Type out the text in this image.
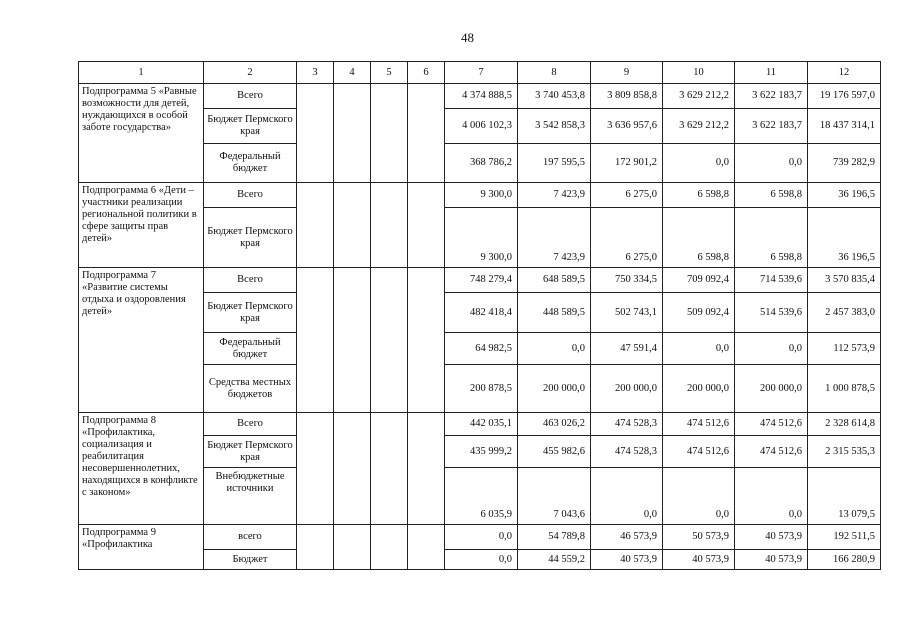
48
1	2	3	4	5	6	7	8	9	10	11	12
Подпрограмма 5 «Равные возможности для детей, нуждающихся в особой заботе государства»	Всего					4 374 888,5	3 740 453,8	3 809 858,8	3 629 212,2	3 622 183,7	19 176 597,0
	Бюджет Пермского края					4 006 102,3	3 542 858,3	3 636 957,6	3 629 212,2	3 622 183,7	18 437 314,1
	Федеральный бюджет					368 786,2	197 595,5	172 901,2	0,0	0,0	739 282,9
Подпрограмма 6 «Дети – участники реализации региональной политики в сфере защиты прав детей»	Всего					9 300,0	7 423,9	6 275,0	6 598,8	6 598,8	36 196,5
	Бюджет Пермского края					9 300,0	7 423,9	6 275,0	6 598,8	6 598,8	36 196,5
Подпрограмма 7 «Развитие системы отдыха и оздоровления детей»	Всего					748 279,4	648 589,5	750 334,5	709 092,4	714 539,6	3 570 835,4
	Бюджет Пермского края					482 418,4	448 589,5	502 743,1	509 092,4	514 539,6	2 457 383,0
	Федеральный бюджет					64 982,5	0,0	47 591,4	0,0	0,0	112 573,9
	Средства местных бюджетов					200 878,5	200 000,0	200 000,0	200 000,0	200 000,0	1 000 878,5
Подпрограмма 8 «Профилактика, социализация и реабилитация несовершеннолетних, находящихся в конфликте с законом»	Всего					442 035,1	463 026,2	474 528,3	474 512,6	474 512,6	2 328 614,8
	Бюджет Пермского края					435 999,2	455 982,6	474 528,3	474 512,6	474 512,6	2 315 535,3
	Внебюджетные источники					6 035,9	7 043,6	0,0	0,0	0,0	13 079,5
Подпрограмма 9 «Профилактика	всего					0,0	54 789,8	46 573,9	50 573,9	40 573,9	192 511,5
	Бюджет					0,0	44 559,2	40 573,9	40 573,9	40 573,9	166 280,9
